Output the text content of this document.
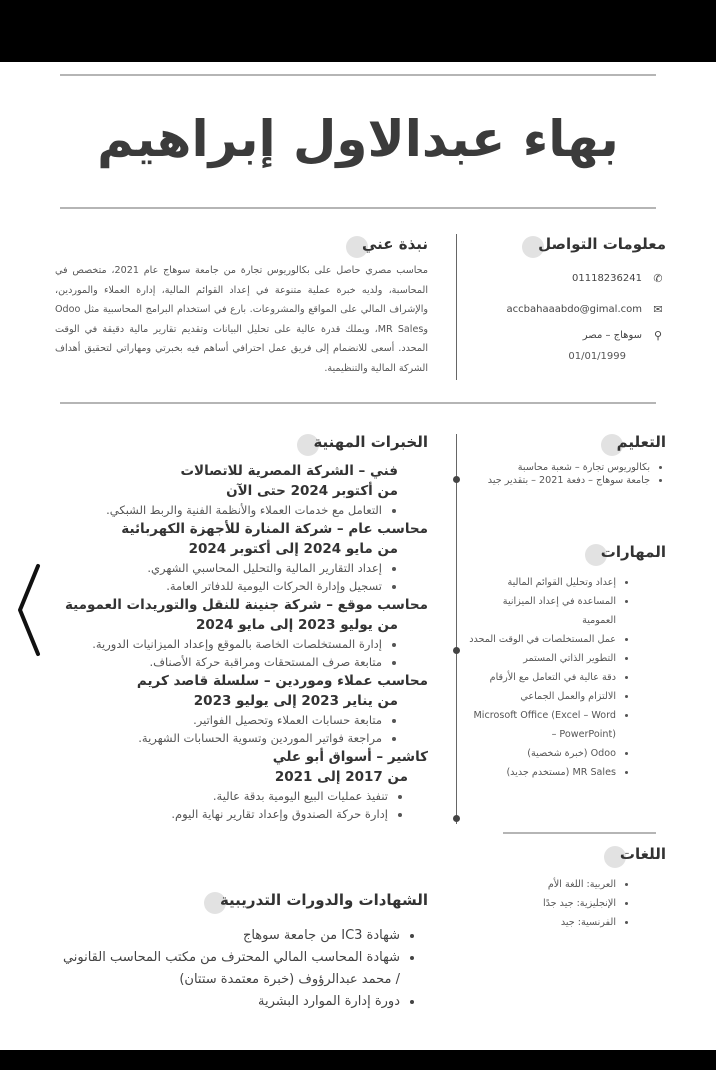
بهاء عبدالاول إبراهيم
معلومات التواصل
✆
01118236241
✉
accbahaaabdo@gimal.com
⚲
سوهاج – مصر
01/01/1999
نبذة عني

محاسب مصري حاصل على بكالوريوس تجارة من جامعة سوهاج عام 2021، متخصص في المحاسبة، ولديه خبرة عملية متنوعة في إعداد القوائم المالية، إدارة العملاء والموردين، والإشراف المالي على المواقع والمشروعات. بارع في استخدام البرامج المحاسبية مثل Odoo وMR Sales، ويملك قدرة عالية على تحليل البيانات وتقديم تقارير مالية دقيقة في الوقت المحدد. أسعى للانضمام إلى فريق عمل احترافي أساهم فيه بخبرتي ومهاراتي لتحقيق أهداف الشركة المالية والتنظيمية.

التعليم
• بكالوريوس تجارة – شعبة محاسبة
• جامعة سوهاج – دفعة 2021 – بتقدير جيد
المهارات
• إعداد وتحليل القوائم المالية
• المساعدة في إعداد الميزانية العمومية
• عمل المستخلصات في الوقت المحدد
• التطوير الذاتي المستمر
• دقة عالية في التعامل مع الأرقام
• الالتزام والعمل الجماعي
• Microsoft Office (Excel – Word – PowerPoint)
• Odoo (خبرة شخصية)
• MR Sales (مستخدم جديد)
اللغات
• العربية: اللغة الأم
• الإنجليزية: جيد جدًا
• الفرنسية: جيد
الخبرات المهنية
فني – الشركة المصرية للاتصالات
من أكتوبر 2024 حتى الآن
• التعامل مع خدمات العملاء والأنظمة الفنية والربط الشبكي.
محاسب عام – شركة المنارة للأجهزة الكهربائية
من مايو 2024 إلى أكتوبر 2024
• إعداد التقارير المالية والتحليل المحاسبي الشهري.
• تسجيل وإدارة الحركات اليومية للدفاتر العامة.
محاسب موقع – شركة جنينة للنقل والتوريدات العمومية
من يوليو 2023 إلى مايو 2024
• إدارة المستخلصات الخاصة بالموقع وإعداد الميزانيات الدورية.
• متابعة صرف المستحقات ومراقبة حركة الأصناف.
محاسب عملاء وموردين – سلسلة قاصد كريم
من يناير 2023 إلى يوليو 2023
• متابعة حسابات العملاء وتحصيل الفواتير.
• مراجعة فواتير الموردين وتسوية الحسابات الشهرية.
كاشير – أسواق أبو علي
من 2017 إلى 2021
• تنفيذ عمليات البيع اليومية بدقة عالية.
• إدارة حركة الصندوق وإعداد تقارير نهاية اليوم.
الشهادات والدورات التدريبية
• شهادة IC3 من جامعة سوهاج
• شهادة المحاسب المالي المحترف من مكتب المحاسب القانوني / محمد عبدالرؤوف (خبرة معتمدة ستتان)
• دورة إدارة الموارد البشرية
